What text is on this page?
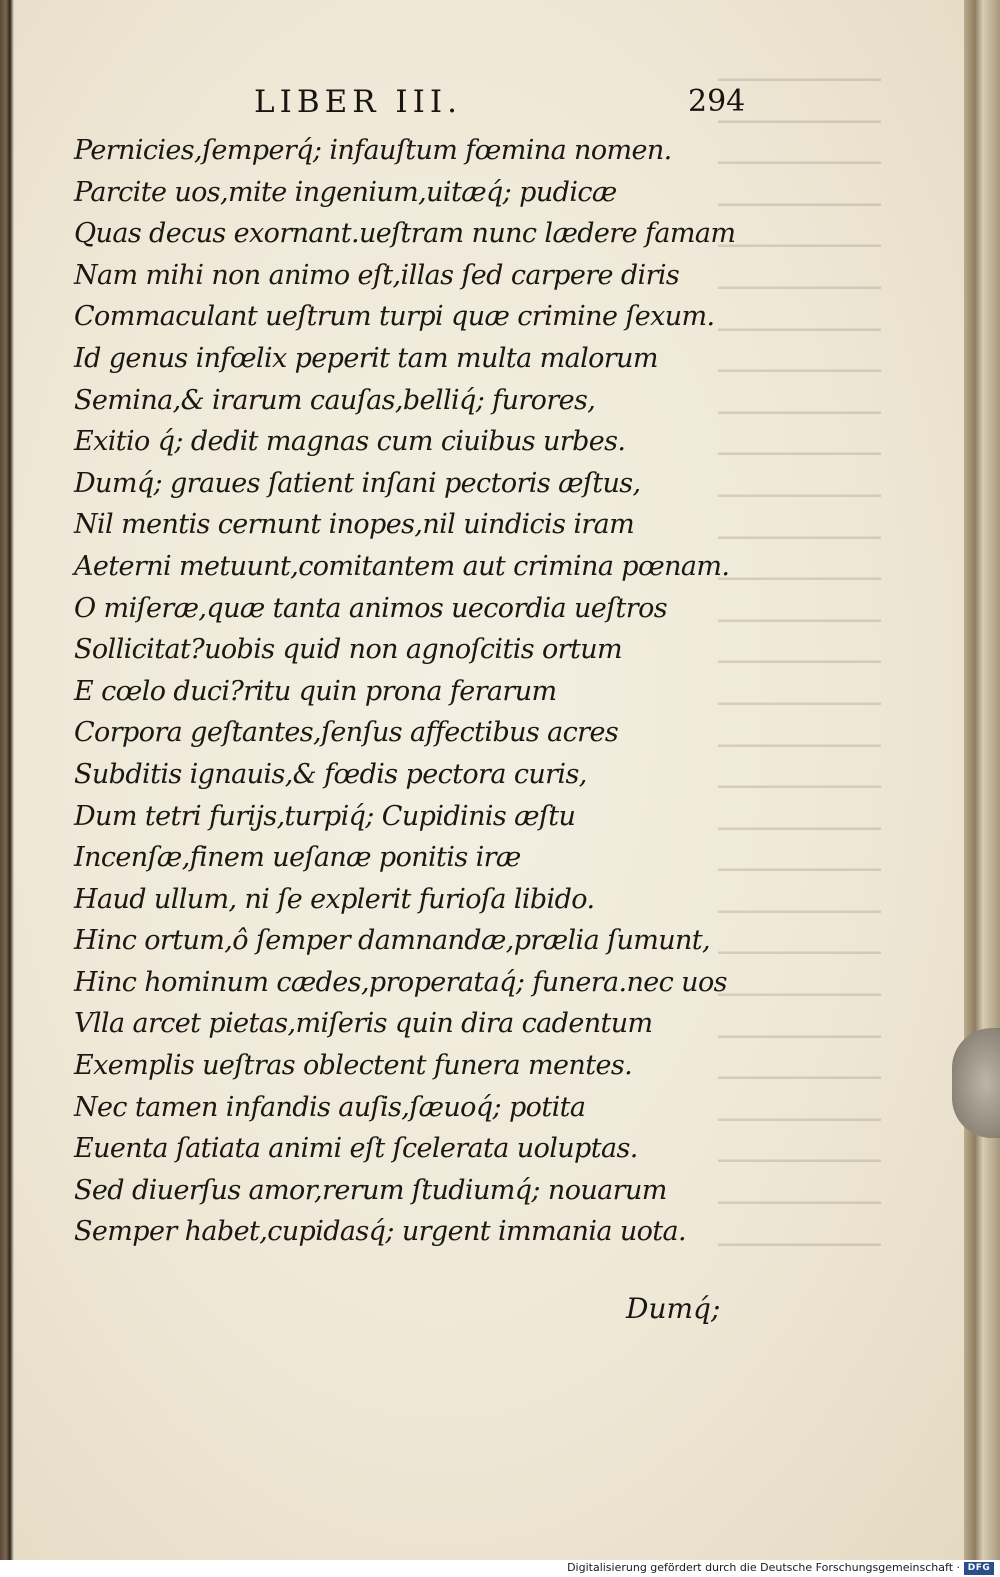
─────────
─────────
─────────
─────────
─────────
─────────
─────────
─────────
─────────
─────────
─────────
─────────
─────────
─────────
─────────
─────────
─────────
─────────
─────────
─────────
─────────
─────────
─────────
─────────
─────────
─────────
─────────
─────────
─────────
LIBER III.	294
Pernicies,ſemperq́; infauſtum fœmina nomen.
Parcite uos,mite ingenium,uitæq́; pudicæ
Quas decus exornant.ueſtram nunc lædere famam
Nam mihi non animo eſt,illas ſed carpere diris
Commaculant ueſtrum turpi quæ crimine ſexum.
Id genus infœlix peperit tam multa malorum
Semina,& irarum cauſas,belliq́; furores,
Exitio q́; dedit magnas cum ciuibus urbes.
Dumq́; graues ſatient inſani pectoris æſtus,
Nil mentis cernunt inopes,nil uindicis iram
Aeterni metuunt,comitantem aut crimina pœnam.
O miſeræ,quæ tanta animos uecordia ueſtros
Sollicitat?uobis quid non agnoſcitis ortum
E cœlo duci?ritu quin prona ferarum
Corpora geſtantes,ſenſus affectibus acres
Subditis ignauis,& fœdis pectora curis,
Dum tetri furijs,turpiq́; Cupidinis æſtu
Incenſæ,finem ueſanæ ponitis iræ
Haud ullum, ni ſe explerit furioſa libido.
Hinc ortum,ô ſemper damnandæ,prælia ſumunt,
Hinc hominum cædes,properataq́; funera.nec uos
Vlla arcet pietas,miſeris quin dira cadentum
Exemplis ueſtras oblectent funera mentes.
Nec tamen infandis auſis,ſæuoq́; potita
Euenta ſatiata animi eſt ſcelerata uoluptas.
Sed diuerſus amor,rerum ſtudiumq́; nouarum
Semper habet,cupidasq́; urgent immania uota.
Dumq́;
Digitalisierung gefördert durch die Deutsche Forschungsgemeinschaft · DFG
